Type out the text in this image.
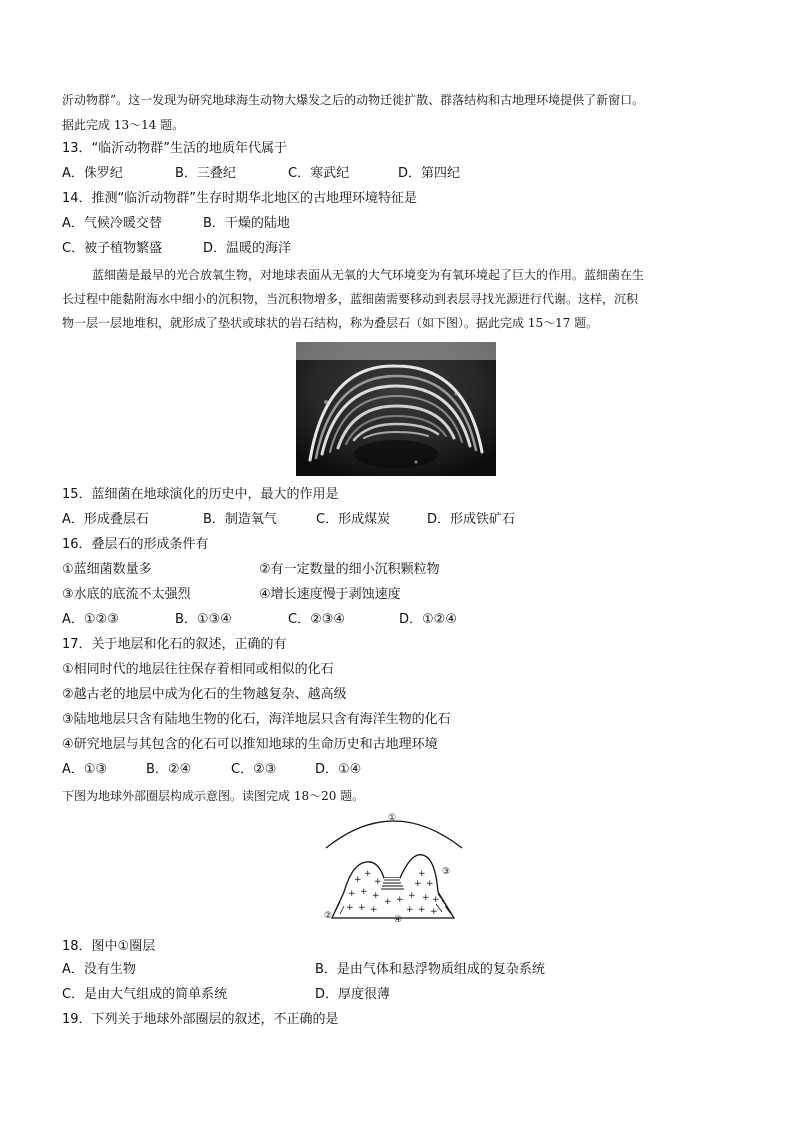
沂动物群”。这一发现为研究地球海生动物大爆发之后的动物迁徙扩散、群落结构和古地理环境提供了新窗口。
据此完成 13～14 题。
13．“临沂动物群”生活的地质年代属于
A．侏罗纪	B．三叠纪	C．寒武纪	D．第四纪
14．推测“临沂动物群”生存时期华北地区的古地理环境特征是
A．气候冷暖交替	B．干燥的陆地
C．被子植物繁盛	D．温暖的海洋
蓝细菌是最早的光合放氧生物，对地球表面从无氧的大气环境变为有氧环境起了巨大的作用。蓝细菌在生
长过程中能黏附海水中细小的沉积物，当沉积物增多，蓝细菌需要移动到表层寻找光源进行代谢。这样，沉积
物一层一层地堆积，就形成了垫状或球状的岩石结构，称为叠层石（如下图）。据此完成 15～17 题。
15．蓝细菌在地球演化的历史中，最大的作用是
A．形成叠层石	B．制造氧气	C．形成煤炭	D．形成铁矿石
16．叠层石的形成条件有
①蓝细菌数量多	②有一定数量的细小沉积颗粒物
③水底的底流不太强烈	④增长速度慢于剥蚀速度
A．①②③	B．①③④	C．②③④	D．①②④
17．关于地层和化石的叙述，正确的有
①相同时代的地层往往保存着相同或相似的化石
②越古老的地层中成为化石的生物越复杂、越高级
③陆地地层只含有陆地生物的化石，海洋地层只含有海洋生物的化石
④研究地层与其包含的化石可以推知地球的生命历史和古地理环境
A．①③	B．②④	C．②③	D．①④
下图为地球外部圈层构成示意图。读图完成 18～20 题。
+
+
+
+ + +
+ + +
+
+
+
+ +
+ + +	+ + +
①
②
③
④
18．图中①圈层
A．没有生物	B．是由气体和悬浮物质组成的复杂系统
C．是由大气组成的简单系统	D．厚度很薄
19．下列关于地球外部圈层的叙述，不正确的是
